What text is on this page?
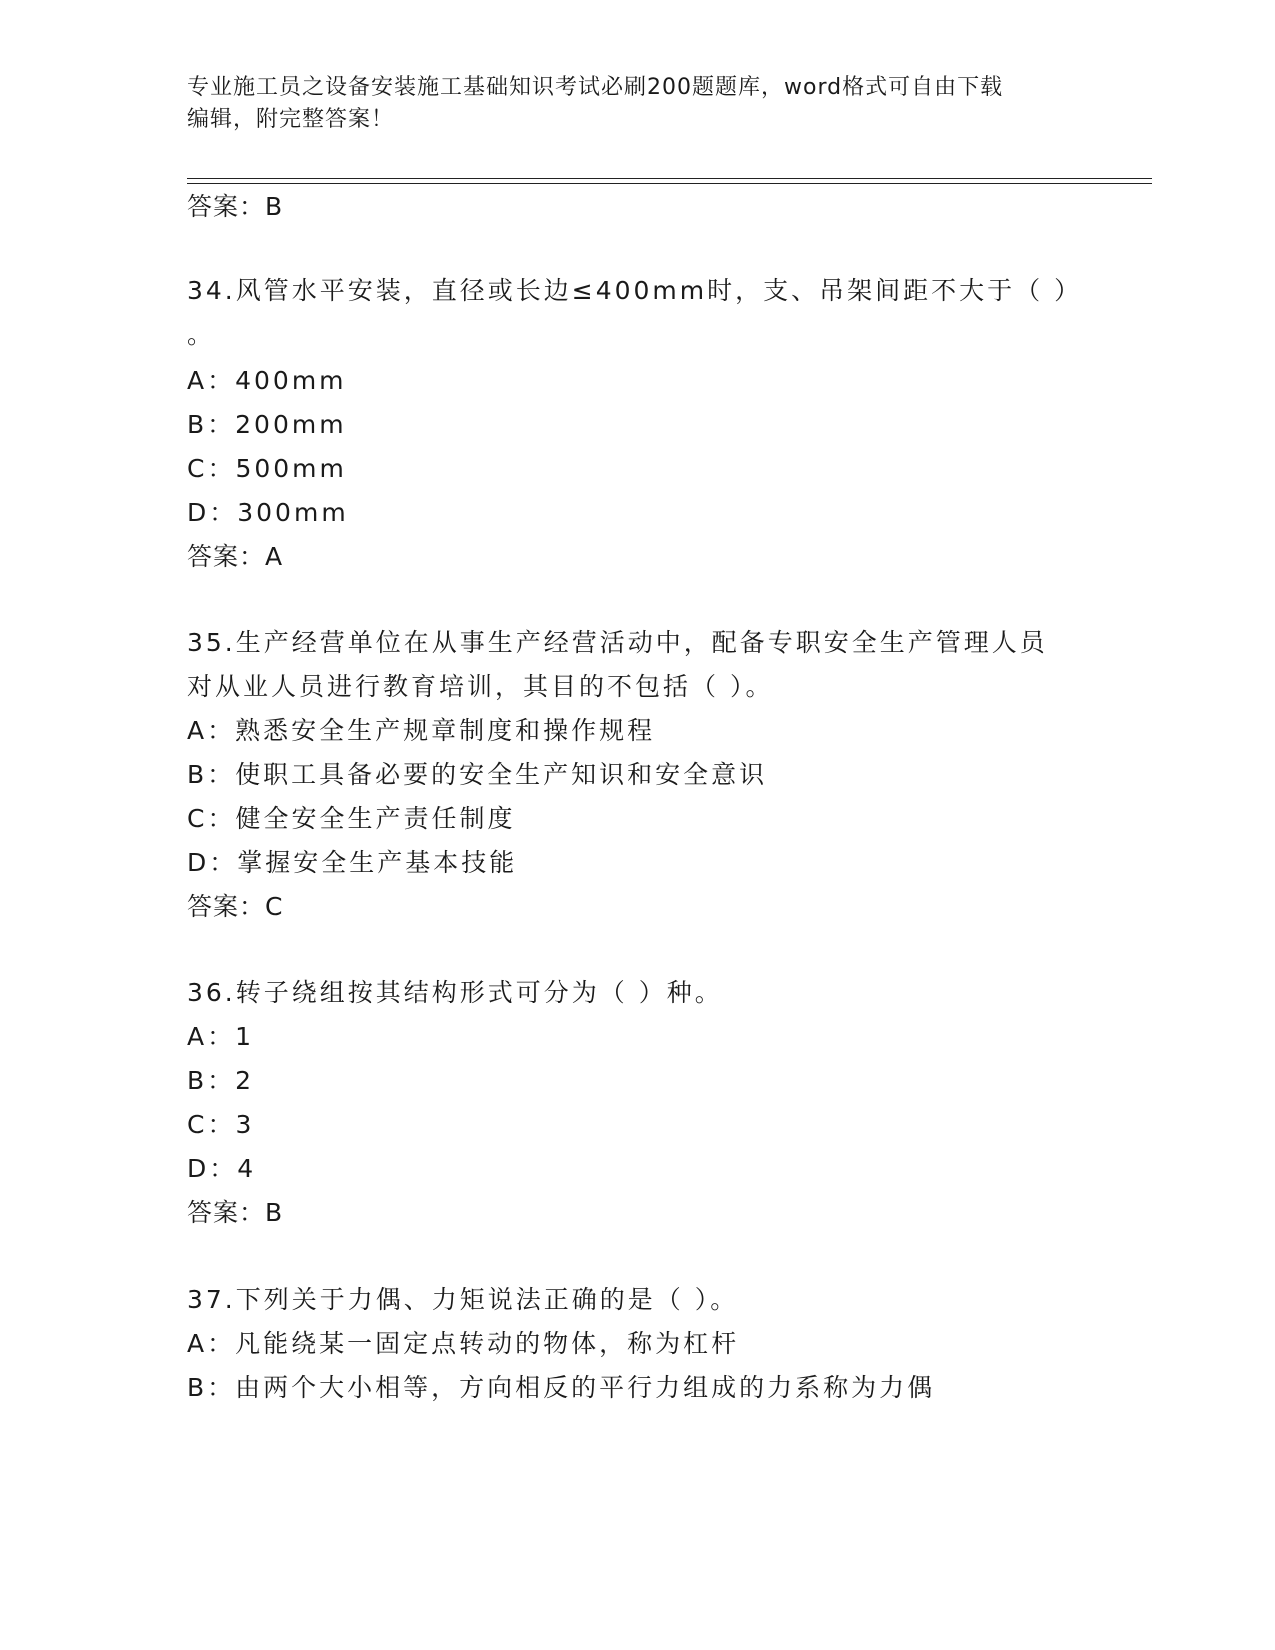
专业施工员之设备安装施工基础知识考试必刷200题题库，word格式可自由下载
编辑，附完整答案！
答案：B
34.风管水平安装，直径或长边≤400mm时，支、吊架间距不大于（ ）
。
A：400mm
B：200mm
C：500mm
D：300mm
答案：A
35.生产经营单位在从事生产经营活动中，配备专职安全生产管理人员
对从业人员进行教育培训，其目的不包括（ ）。
A：熟悉安全生产规章制度和操作规程
B：使职工具备必要的安全生产知识和安全意识
C：健全安全生产责任制度
D：掌握安全生产基本技能
答案：C
36.转子绕组按其结构形式可分为（ ）种。
A：1
B：2
C：3
D：4
答案：B
37.下列关于力偶、力矩说法正确的是（ ）。
A：凡能绕某一固定点转动的物体，称为杠杆
B：由两个大小相等，方向相反的平行力组成的力系称为力偶
